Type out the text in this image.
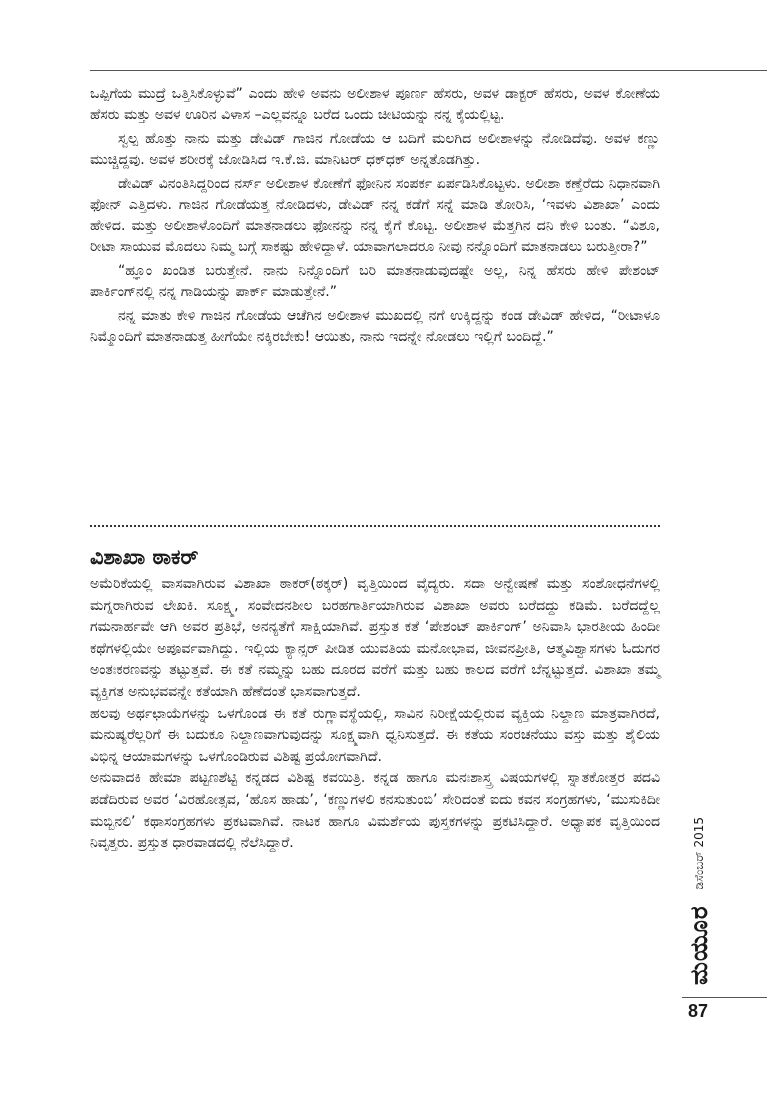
ಒಪ್ಪಿಗೆಯ ಮುದ್ರೆ ಒತ್ತಿಸಿಕೊಳ್ಳುವೆ” ಎಂದು ಹೇಳಿ ಅವನು ಅಲೀಶಾಳ ಪೂರ್ಣ ಹೆಸರು, ಅವಳ ಡಾಕ್ಟರ್ ಹೆಸರು, ಅವಳ ಕೋಣೆಯ ಹೆಸರು ಮತ್ತು ಅವಳ ಊರಿನ ವಿಳಾಸ –ಎಲ್ಲವನ್ನೂ ಬರೆದ ಒಂದು ಚೀಟಿಯನ್ನು ನನ್ನ ಕೈಯಲ್ಲಿಟ್ಟ.

ಸ್ವಲ್ಪ ಹೊತ್ತು ನಾನು ಮತ್ತು ಡೇವಿಡ್ ಗಾಜಿನ ಗೋಡೆಯ ಆ ಬದಿಗೆ ಮಲಗಿದ ಅಲೀಶಾಳನ್ನು ನೋಡಿದೆವು. ಅವಳ ಕಣ್ಣು ಮುಚ್ಚಿದ್ದವು. ಅವಳ ಶರೀರಕ್ಕೆ ಜೋಡಿಸಿದ ಇ.ಕೆ.ಜಿ. ಮಾನಿಟರ್ ಧಕ್‌ಧಕ್ ಅನ್ನತೊಡಗಿತ್ತು.

ಡೇವಿಡ್ ವಿನಂತಿಸಿದ್ದರಿಂದ ನರ್ಸ್ ಅಲೀಶಾಳ ಕೋಣೆಗೆ ಫೋನಿನ ಸಂಪರ್ಕ ಏರ್ಪಡಿಸಿಕೊಟ್ಟಳು. ಅಲೀಶಾ ಕಣ್ತೆರೆದು ನಿಧಾನವಾಗಿ ಫೋನ್ ಎತ್ತಿದಳು. ಗಾಜಿನ ಗೋಡೆಯತ್ತ ನೋಡಿದಳು, ಡೇವಿಡ್ ನನ್ನ ಕಡೆಗೆ ಸನ್ನೆ ಮಾಡಿ ತೋರಿಸಿ, ‘ಇವಳು ವಿಶಾಖಾ’ ಎಂದು ಹೇಳಿದ. ಮತ್ತು ಅಲೀಶಾಳೊಂದಿಗೆ ಮಾತನಾಡಲು ಫೋನನ್ನು ನನ್ನ ಕೈಗೆ ಕೊಟ್ಟ. ಅಲೀಶಾಳ ಮೆತ್ತಗಿನ ದನಿ ಕೇಳಿ ಬಂತು. “ವಿಶೂ, ರೀಟಾ ಸಾಯುವ ಮೊದಲು ನಿಮ್ಮ ಬಗ್ಗೆ ಸಾಕಷ್ಟು ಹೇಳಿದ್ದಾಳೆ. ಯಾವಾಗಲಾದರೂ ನೀವು ನನ್ನೊಂದಿಗೆ ಮಾತನಾಡಲು ಬರುತ್ತೀರಾ?”

“ಹ್ಞೂಂ ಖಂಡಿತ ಬರುತ್ತೇನೆ. ನಾನು ನಿನ್ನೊಂದಿಗೆ ಬರಿ ಮಾತನಾಡುವುದಷ್ಟೇ ಅಲ್ಲ, ನಿನ್ನ ಹೆಸರು ಹೇಳಿ ಪೇಶಂಟ್ ಪಾರ್ಕಿಂಗ್‌ನಲ್ಲಿ ನನ್ನ ಗಾಡಿಯನ್ನು ಪಾರ್ಕ್ ಮಾಡುತ್ತೇನೆ.”

ನನ್ನ ಮಾತು ಕೇಳಿ ಗಾಜಿನ ಗೋಡೆಯ ಆಚೆಗಿನ ಅಲೀಶಾಳ ಮುಖದಲ್ಲಿ ನಗೆ ಉಕ್ಕಿದ್ದನ್ನು ಕಂಡ ಡೇವಿಡ್ ಹೇಳಿದ, “ರೀಟಾಳೂ ನಿಮ್ಮೊಂದಿಗೆ ಮಾತನಾಡುತ್ತ ಹೀಗೆಯೇ ನಕ್ಕಿರಬೇಕು! ಆಯಿತು, ನಾನು ಇದನ್ನೇ ನೋಡಲು ಇಲ್ಲಿಗೆ ಬಂದಿದ್ದೆ.”

ವಿಶಾಖಾ ಠಾಕರ್

ಅಮೆರಿಕೆಯಲ್ಲಿ ವಾಸವಾಗಿರುವ ವಿಶಾಖಾ ಠಾಕರ್(ಠಕ್ಕರ್) ವೃತ್ತಿಯಿಂದ ವೈದ್ಯರು. ಸದಾ ಅನ್ವೇಷಣೆ ಮತ್ತು ಸಂಶೋಧನೆಗಳಲ್ಲಿ ಮಗ್ನರಾಗಿರುವ ಲೇಖಕಿ. ಸೂಕ್ಷ್ಮ, ಸಂವೇದನಶೀಲ ಬರಹಗಾರ್ತಿಯಾಗಿರುವ ವಿಶಾಖಾ ಅವರು ಬರೆದದ್ದು ಕಡಿಮೆ. ಬರೆದದ್ದೆಲ್ಲ ಗಮನಾರ್ಹವೇ ಆಗಿ ಅವರ ಪ್ರತಿಭೆ, ಅನನ್ಯತೆಗೆ ಸಾಕ್ಷಿಯಾಗಿವೆ. ಪ್ರಸ್ತುತ ಕತೆ ‘ಪೇಶಂಟ್ ಪಾರ್ಕಿಂಗ್’ ಅನಿವಾಸಿ ಭಾರತೀಯ ಹಿಂದೀ ಕಥೆಗಳಲ್ಲಿಯೇ ಅಪೂರ್ವವಾಗಿದ್ದು. ಇಲ್ಲಿಯ ಕ್ಯಾನ್ಸರ್ ಪೀಡಿತ ಯುವತಿಯ ಮನೋಭಾವ, ಜೀವನಪ್ರೀತಿ, ಆತ್ಮವಿಶ್ವಾಸಗಳು ಓದುಗರ ಅಂತಃಕರಣವನ್ನು ತಟ್ಟುತ್ತವೆ. ಈ ಕತೆ ನಮ್ಮನ್ನು ಬಹು ದೂರದ ವರೆಗೆ ಮತ್ತು ಬಹು ಕಾಲದ ವರೆಗೆ ಬೆನ್ನಟ್ಟುತ್ತದೆ. ವಿಶಾಖಾ ತಮ್ಮ ವ್ಯಕ್ತಿಗತ ಅನುಭವವನ್ನೇ ಕತೆಯಾಗಿ ಹೆಣೆದಂತೆ ಭಾಸವಾಗುತ್ತದೆ.

ಹಲವು ಅರ್ಥಛಾಯೆಗಳನ್ನು ಒಳಗೊಂಡ ಈ ಕತೆ ರುಗ್ಣಾವಸ್ಥೆಯಲ್ಲಿ, ಸಾವಿನ ನಿರೀಕ್ಷೆಯಲ್ಲಿರುವ ವ್ಯಕ್ತಿಯ ನಿಲ್ದಾಣ ಮಾತ್ರವಾಗಿರದೆ, ಮನುಷ್ಯರೆಲ್ಲರಿಗೆ ಈ ಬದುಕೂ ನಿಲ್ದಾಣವಾಗುವುದನ್ನು ಸೂಕ್ಷ್ಮವಾಗಿ ಧ್ವನಿಸುತ್ತದೆ. ಈ ಕತೆಯ ಸಂರಚನೆಯು ವಸ್ತು ಮತ್ತು ಶೈಲಿಯ ವಿಭಿನ್ನ ಆಯಾಮಗಳನ್ನು ಒಳಗೊಂಡಿರುವ ವಿಶಿಷ್ಟ ಪ್ರಯೋಗವಾಗಿದೆ.

ಅನುವಾದಕಿ ಹೇಮಾ ಪಟ್ಟಣಶೆಟ್ಟಿ ಕನ್ನಡದ ವಿಶಿಷ್ಟ ಕವಯಿತ್ರಿ. ಕನ್ನಡ ಹಾಗೂ ಮನಃಶಾಸ್ತ್ರ ವಿಷಯಗಳಲ್ಲಿ ಸ್ನಾತಕೋತ್ತರ ಪದವಿ ಪಡೆದಿರುವ ಅವರ ‘ವಿರಹೋತ್ಸವ, ‘ಹೊಸ ಹಾಡು’, ‘ಕಣ್ಣುಗಳಲಿ ಕನಸುತುಂಬಿ’ ಸೇರಿದಂತೆ ಐದು ಕವನ ಸಂಗ್ರಹಗಳು, ‘ಮುಸುಕಿದೀ ಮಬ್ಬಿನಲಿ’ ಕಥಾಸಂಗ್ರಹಗಳು ಪ್ರಕಟವಾಗಿವೆ. ನಾಟಕ ಹಾಗೂ ವಿಮರ್ಶೆಯ ಪುಸ್ತಕಗಳನ್ನು ಪ್ರಕಟಿಸಿದ್ದಾರೆ. ಅಧ್ಯಾಪಕ ವೃತ್ತಿಯಿಂದ ನಿವೃತ್ತರು. ಪ್ರಸ್ತುತ ಧಾರವಾಡದಲ್ಲಿ ನೆಲೆಸಿದ್ದಾರೆ.

ಮಯೂರ
ಡಿಸೆಂಬರ್ 2015
87
